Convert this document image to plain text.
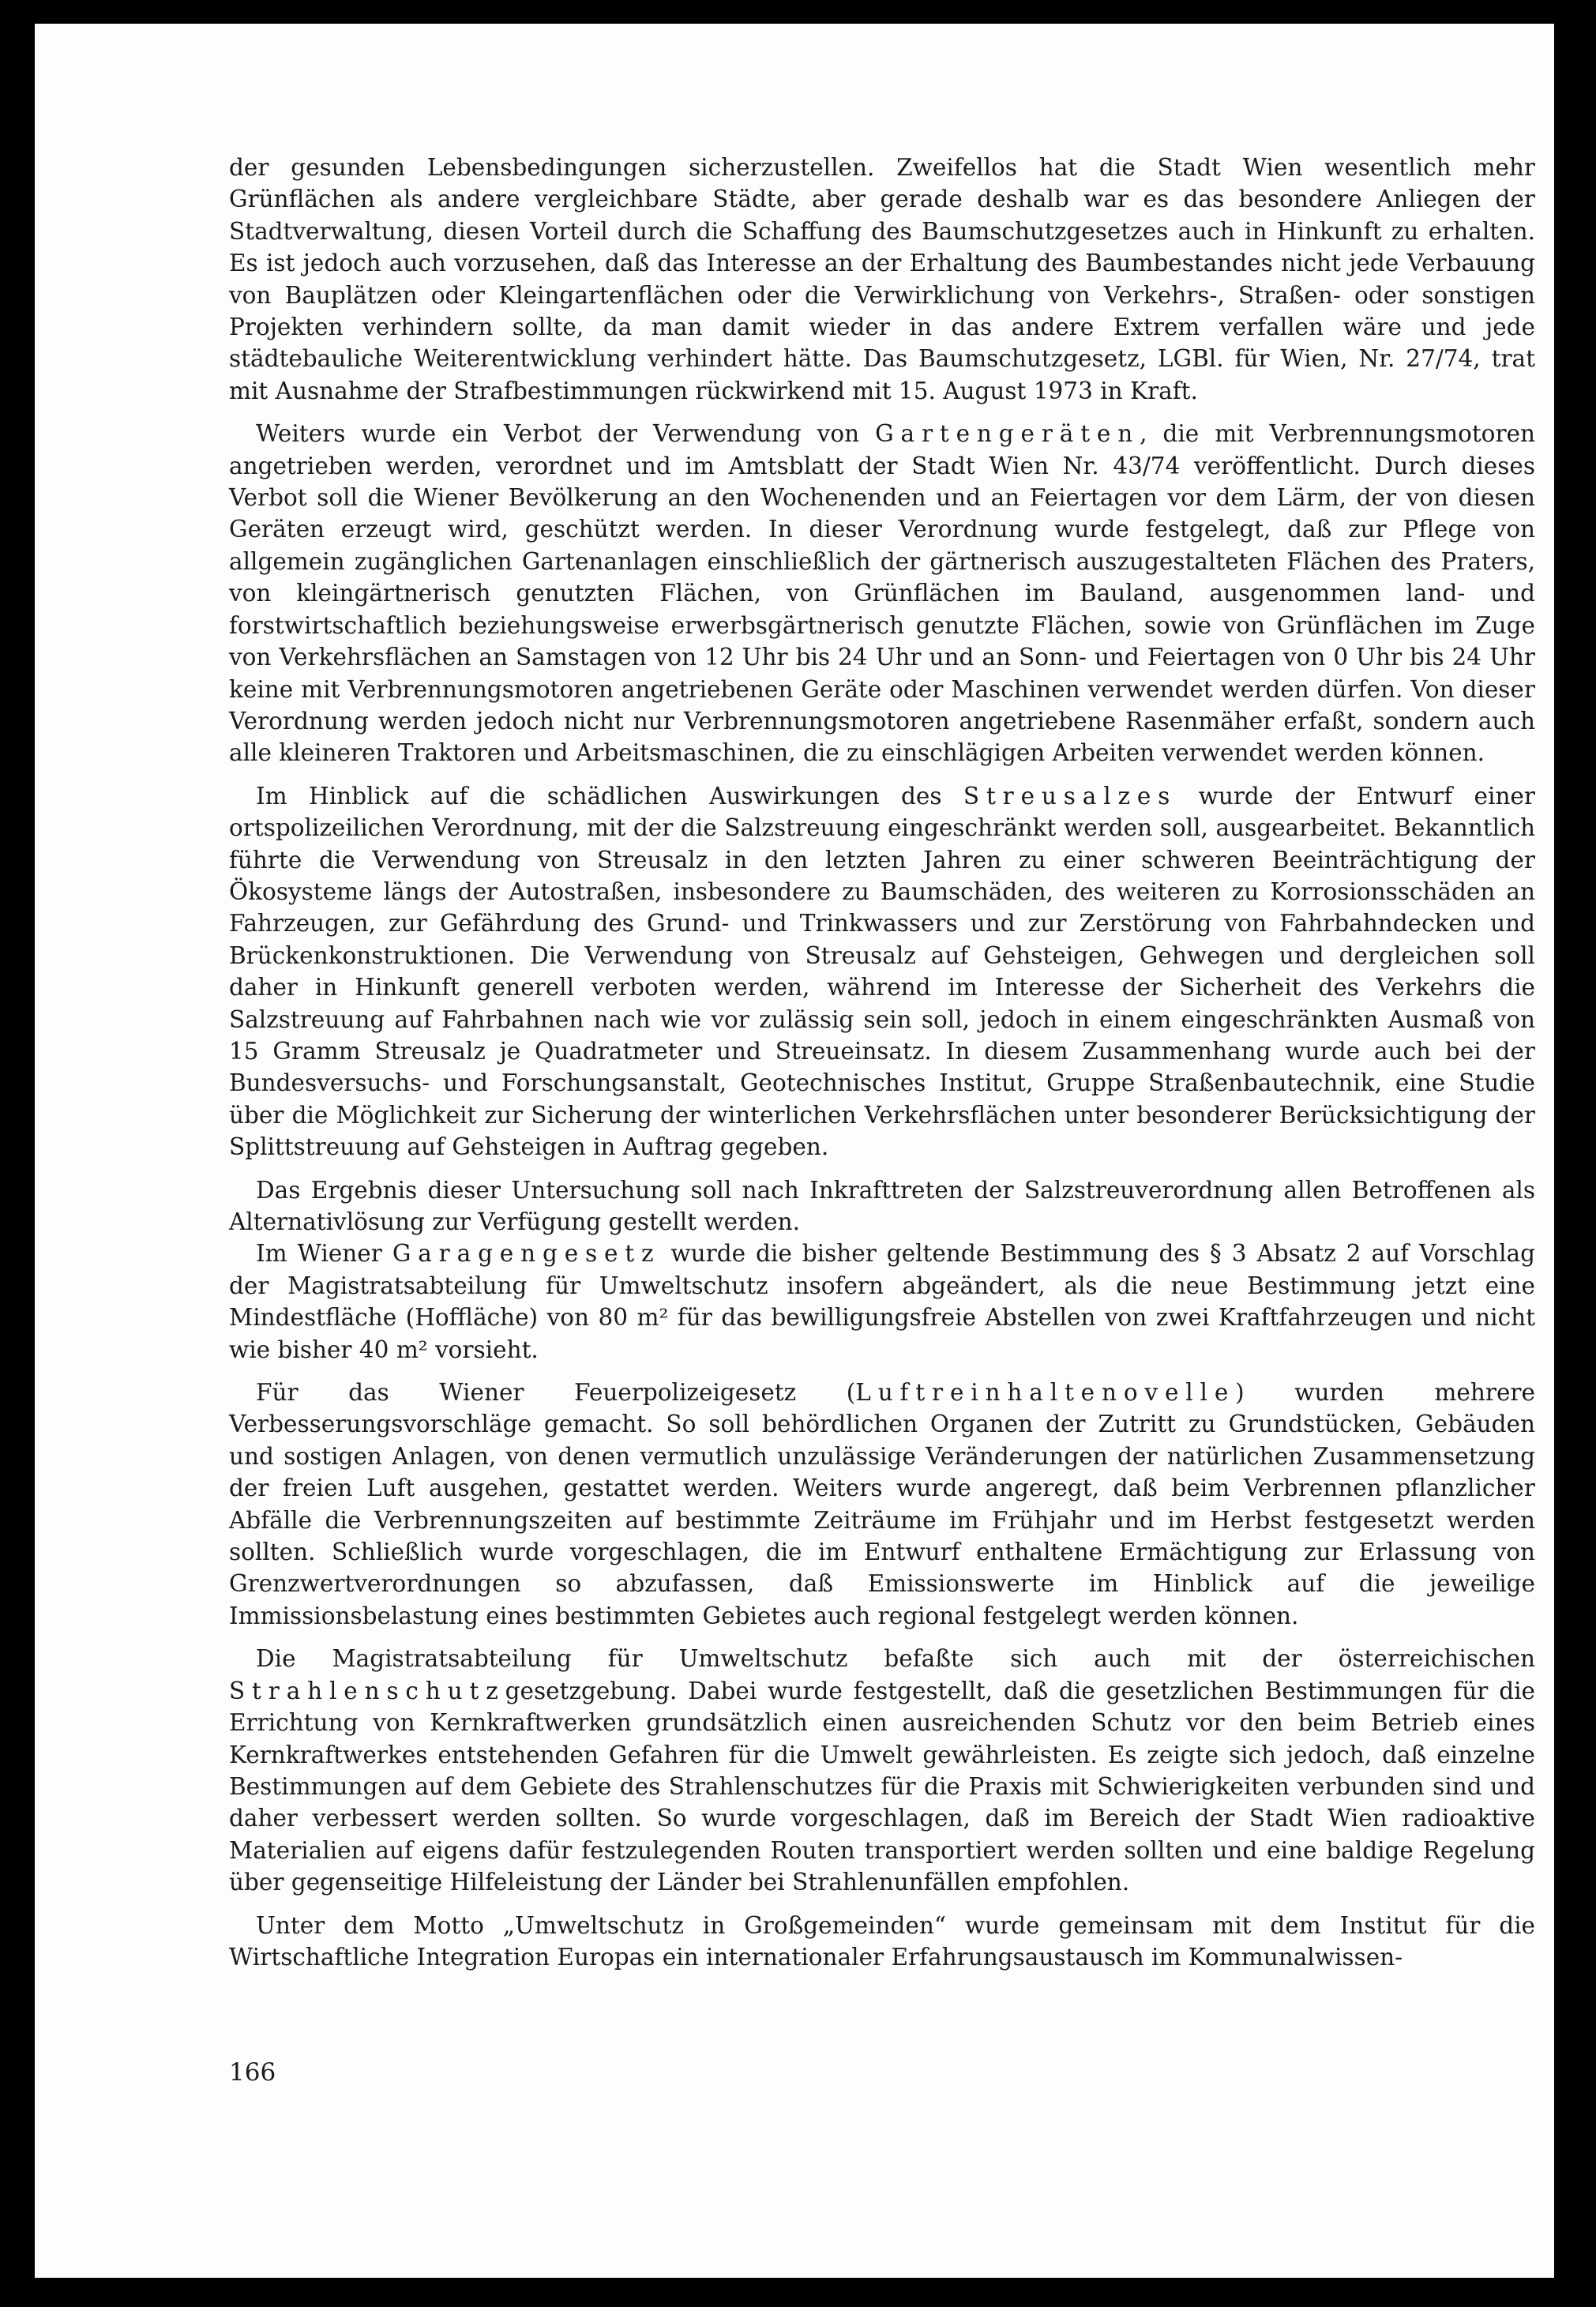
der gesunden Lebensbedingungen sicherzustellen. Zweifellos hat die Stadt Wien wesentlich mehr Grünflächen als andere vergleichbare Städte, aber gerade deshalb war es das besondere Anliegen der Stadtverwaltung, diesen Vorteil durch die Schaffung des Baumschutzgesetzes auch in Hinkunft zu erhalten. Es ist jedoch auch vorzusehen, daß das Interesse an der Erhaltung des Baumbestandes nicht jede Verbauung von Bauplätzen oder Kleingartenflächen oder die Verwirklichung von Verkehrs-, Straßen- oder sonstigen Projekten verhindern sollte, da man damit wieder in das andere Extrem verfallen wäre und jede städtebauliche Weiterentwicklung verhindert hätte. Das Baumschutzgesetz, LGBl. für Wien, Nr. 27/74, trat mit Ausnahme der Strafbestimmungen rückwirkend mit 15. August 1973 in Kraft.

Weiters wurde ein Verbot der Verwendung von Gartengeräten, die mit Verbrennungsmotoren angetrieben werden, verordnet und im Amtsblatt der Stadt Wien Nr. 43/74 veröffentlicht. Durch dieses Verbot soll die Wiener Bevölkerung an den Wochenenden und an Feiertagen vor dem Lärm, der von diesen Geräten erzeugt wird, geschützt werden. In dieser Verordnung wurde festgelegt, daß zur Pflege von allgemein zugänglichen Gartenanlagen einschließlich der gärtnerisch auszugestalteten Flächen des Praters, von kleingärtnerisch genutzten Flächen, von Grünflächen im Bauland, ausgenommen land- und forstwirtschaftlich beziehungsweise erwerbsgärtnerisch genutzte Flächen, sowie von Grünflächen im Zuge von Verkehrsflächen an Samstagen von 12 Uhr bis 24 Uhr und an Sonn- und Feiertagen von 0 Uhr bis 24 Uhr keine mit Verbrennungsmotoren angetriebenen Geräte oder Maschinen verwendet werden dürfen. Von dieser Verordnung werden jedoch nicht nur Verbrennungsmotoren angetriebene Rasenmäher erfaßt, sondern auch alle kleineren Traktoren und Arbeitsmaschinen, die zu einschlägigen Arbeiten verwendet werden können.

Im Hinblick auf die schädlichen Auswirkungen des Streusalzes wurde der Entwurf einer ortspolizeilichen Verordnung, mit der die Salzstreuung eingeschränkt werden soll, ausgearbeitet. Bekanntlich führte die Verwendung von Streusalz in den letzten Jahren zu einer schweren Beeinträchtigung der Ökosysteme längs der Autostraßen, insbesondere zu Baumschäden, des weiteren zu Korrosionsschäden an Fahrzeugen, zur Gefährdung des Grund- und Trinkwassers und zur Zerstörung von Fahrbahndecken und Brückenkonstruktionen. Die Verwendung von Streusalz auf Gehsteigen, Gehwegen und dergleichen soll daher in Hinkunft generell verboten werden, während im Interesse der Sicherheit des Verkehrs die Salzstreuung auf Fahrbahnen nach wie vor zulässig sein soll, jedoch in einem eingeschränkten Ausmaß von 15 Gramm Streusalz je Quadratmeter und Streueinsatz. In diesem Zusammenhang wurde auch bei der Bundesversuchs- und Forschungsanstalt, Geotechnisches Institut, Gruppe Straßenbautechnik, eine Studie über die Möglichkeit zur Sicherung der winterlichen Verkehrsflächen unter besonderer Berücksichtigung der Splittstreuung auf Gehsteigen in Auftrag gegeben.

Das Ergebnis dieser Untersuchung soll nach Inkrafttreten der Salzstreuverordnung allen Betroffenen als Alternativlösung zur Verfügung gestellt werden.

Im Wiener Garagengesetz wurde die bisher geltende Bestimmung des § 3 Absatz 2 auf Vorschlag der Magistratsabteilung für Umweltschutz insofern abgeändert, als die neue Bestimmung jetzt eine Mindestfläche (Hoffläche) von 80 m² für das bewilligungsfreie Abstellen von zwei Kraftfahrzeugen und nicht wie bisher 40 m² vorsieht.

Für das Wiener Feuerpolizeigesetz (Luftreinhaltenovelle) wurden mehrere Verbesserungsvorschläge gemacht. So soll behördlichen Organen der Zutritt zu Grundstücken, Gebäuden und sostigen Anlagen, von denen vermutlich unzulässige Veränderungen der natürlichen Zusammensetzung der freien Luft ausgehen, gestattet werden. Weiters wurde angeregt, daß beim Verbrennen pflanzlicher Abfälle die Verbrennungszeiten auf bestimmte Zeiträume im Frühjahr und im Herbst festgesetzt werden sollten. Schließlich wurde vorgeschlagen, die im Entwurf enthaltene Ermächtigung zur Erlassung von Grenzwertverordnungen so abzufassen, daß Emissionswerte im Hinblick auf die jeweilige Immissionsbelastung eines bestimmten Gebietes auch regional festgelegt werden können.

Die Magistratsabteilung für Umweltschutz befaßte sich auch mit der österreichischen Strahlenschutzgesetzgebung. Dabei wurde festgestellt, daß die gesetzlichen Bestimmungen für die Errichtung von Kernkraftwerken grundsätzlich einen ausreichenden Schutz vor den beim Betrieb eines Kernkraftwerkes entstehenden Gefahren für die Umwelt gewährleisten. Es zeigte sich jedoch, daß einzelne Bestimmungen auf dem Gebiete des Strahlenschutzes für die Praxis mit Schwierigkeiten verbunden sind und daher verbessert werden sollten. So wurde vorgeschlagen, daß im Bereich der Stadt Wien radioaktive Materialien auf eigens dafür festzulegenden Routen transportiert werden sollten und eine baldige Regelung über gegenseitige Hilfeleistung der Länder bei Strahlenunfällen empfohlen.

Unter dem Motto „Umweltschutz in Großgemeinden“ wurde gemeinsam mit dem Institut für die Wirtschaftliche Integration Europas ein internationaler Erfahrungsaustausch im Kommunalwissen-

166
